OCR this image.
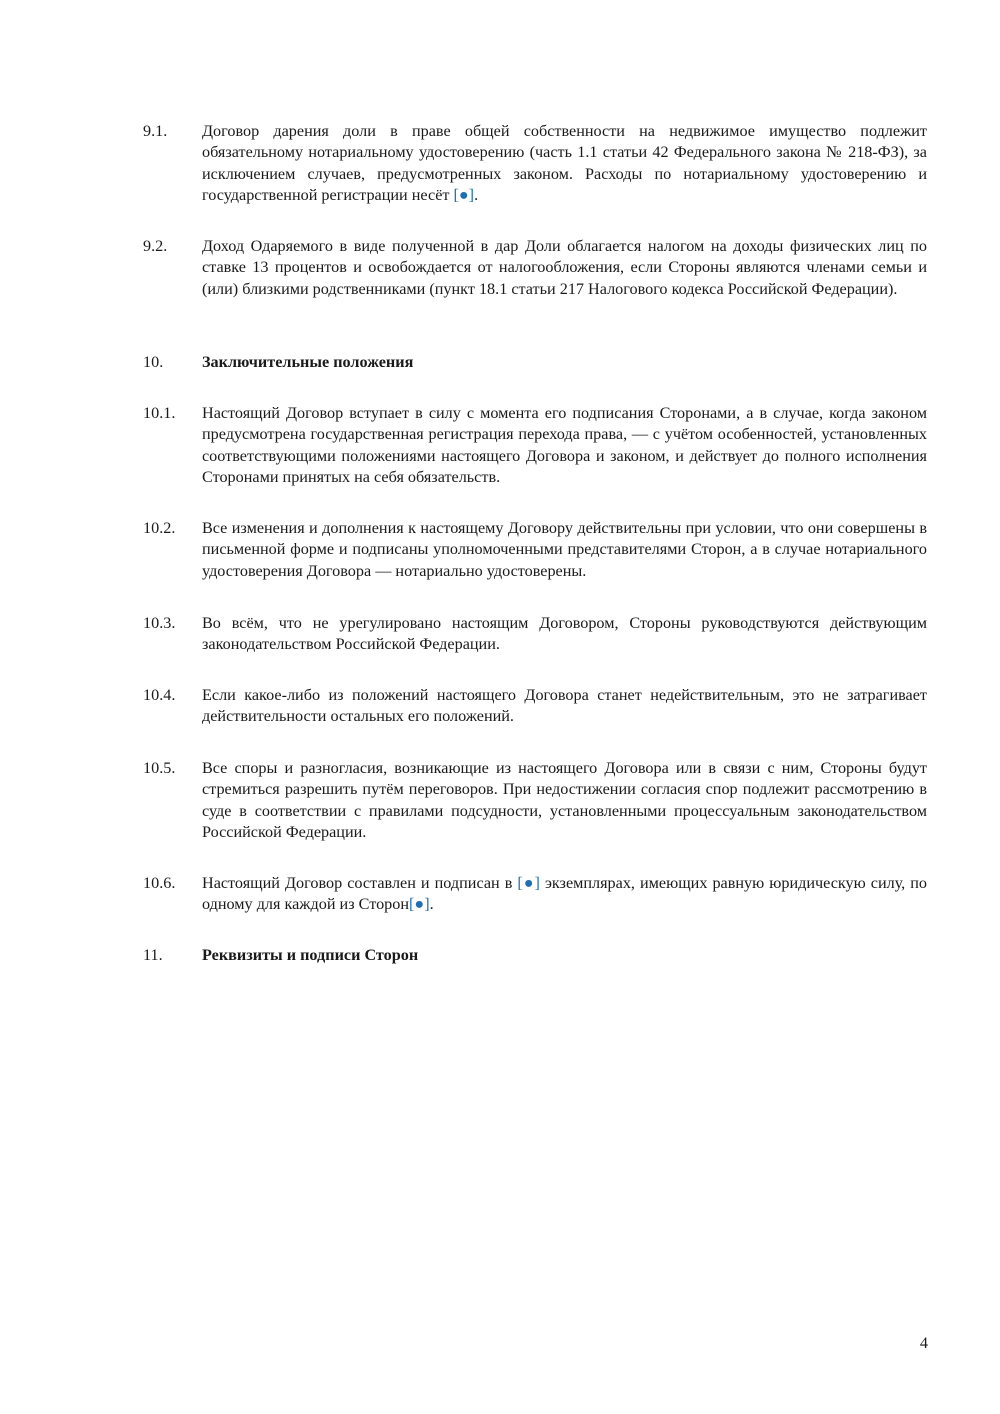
9.1.	Договор дарения доли в праве общей собственности на недвижимое имущество подлежит обязательному нотариальному удостоверению (часть 1.1 статьи 42 Федерального закона № 218-ФЗ), за исключением случаев, предусмотренных законом. Расходы по нотариальному удостоверению и государственной регистрации несёт [●].
9.2.	Доход Одаряемого в виде полученной в дар Доли облагается налогом на доходы физических лиц по ставке 13 процентов и освобождается от налогообложения, если Стороны являются членами семьи и (или) близкими родственниками (пункт 18.1 статьи 217 Налогового кодекса Российской Федерации).
10.	Заключительные положения
10.1.	Настоящий Договор вступает в силу с момента его подписания Сторонами, а в случае, когда законом предусмотрена государственная регистрация перехода права, — с учётом особенностей, установленных соответствующими положениями настоящего Договора и законом, и действует до полного исполнения Сторонами принятых на себя обязательств.
10.2.	Все изменения и дополнения к настоящему Договору действительны при условии, что они совершены в письменной форме и подписаны уполномоченными представителями Сторон, а в случае нотариального удостоверения Договора — нотариально удостоверены.
10.3.	Во всём, что не урегулировано настоящим Договором, Стороны руководствуются действующим законодательством Российской Федерации.
10.4.	Если какое-либо из положений настоящего Договора станет недействительным, это не затрагивает действительности остальных его положений.
10.5.	Все споры и разногласия, возникающие из настоящего Договора или в связи с ним, Стороны будут стремиться разрешить путём переговоров. При недостижении согласия спор подлежит рассмотрению в суде в соответствии с правилами подсудности, установленными процессуальным законодательством Российской Федерации.
10.6.	Настоящий Договор составлен и подписан в [●] экземплярах, имеющих равную юридическую силу, по одному для каждой из Сторон[●].
11.	Реквизиты и подписи Сторон
4
